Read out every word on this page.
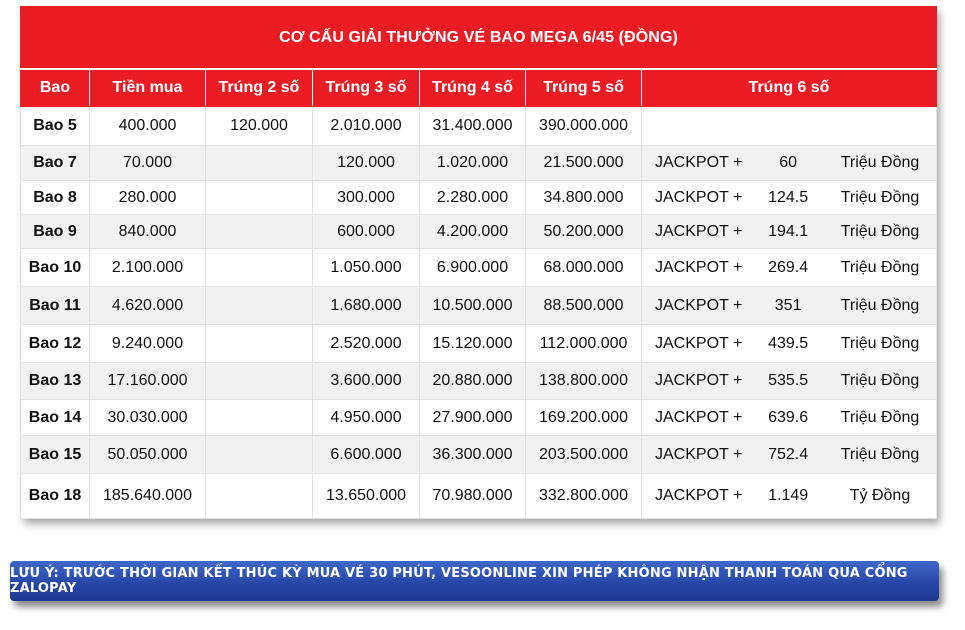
CƠ CẤU GIẢI THƯỞNG VÉ BAO MEGA 6/45 (ĐỒNG)						
Bao	Tiền mua	Trúng 2 số	Trúng 3 số	Trúng 4 số	Trúng 5 số	Trúng 6 số
Bao 5	400.000	120.000	2.010.000	31.400.000	390.000.000	

Bao 7	70.000		120.000	1.020.000	21.500.000	JACKPOT + 60 Triệu Đồng

Bao 8	280.000		300.000	2.280.000	34.800.000	JACKPOT + 124.5 Triệu Đồng

Bao 9	840.000		600.000	4.200.000	50.200.000	JACKPOT + 194.1 Triệu Đồng

Bao 10	2.100.000		1.050.000	6.900.000	68.000.000	JACKPOT + 269.4 Triệu Đồng

Bao 11	4.620.000		1.680.000	10.500.000	88.500.000	JACKPOT + 351 Triệu Đồng

Bao 12	9.240.000		2.520.000	15.120.000	112.000.000	JACKPOT + 439.5 Triệu Đồng

Bao 13	17.160.000		3.600.000	20.880.000	138.800.000	JACKPOT + 535.5 Triệu Đồng

Bao 14	30.030.000		4.950.000	27.900.000	169.200.000	JACKPOT + 639.6 Triệu Đồng

Bao 15	50.050.000		6.600.000	36.300.000	203.500.000	JACKPOT + 752.4 Triệu Đồng

Bao 18	185.640.000		13.650.000	70.980.000	332.800.000	JACKPOT + 1.149 Tỷ Đồng
LƯU Ý: TRƯỚC THỜI GIAN KẾT THÚC KỲ MUA VÉ 30 PHÚT, VESOONLINE XIN PHÉP KHÔNG NHẬN THANH TOÁN QUA CỔNG ZALOPAY
